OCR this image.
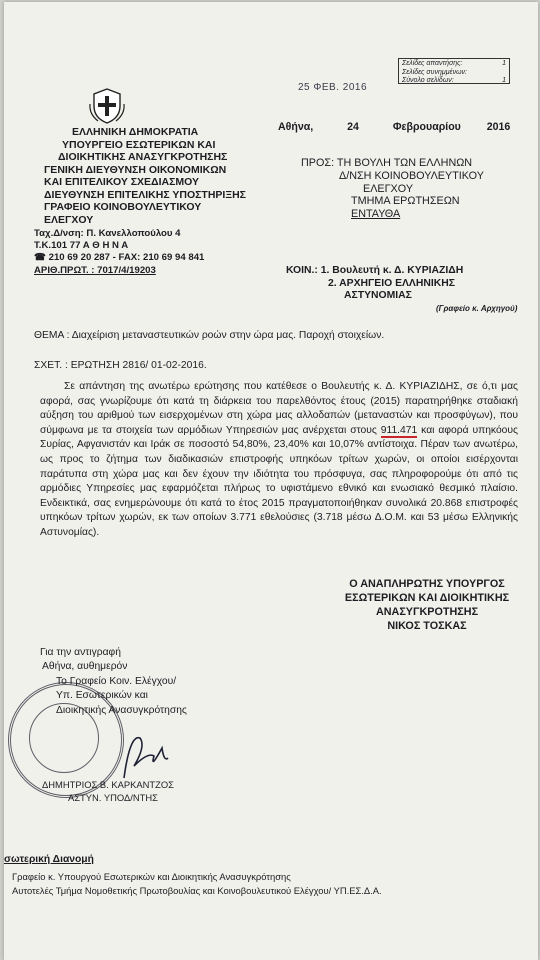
25 ΦΕΒ. 2016
Σελίδες απαντήσης:	1
Σελίδες συνημμένων:
Σύνολο σελίδων:	1
ΕΛΛΗΝΙΚΗ ΔΗΜΟΚΡΑΤΙΑ
ΥΠΟΥΡΓΕΙΟ ΕΣΩΤΕΡΙΚΩΝ ΚΑΙ
ΔΙΟΙΚΗΤΙΚΗΣ ΑΝΑΣΥΓΚΡΟΤΗΣΗΣ
ΓΕΝΙΚΗ ΔΙΕΥΘΥΝΣΗ ΟΙΚΟΝΟΜΙΚΩΝ
ΚΑΙ ΕΠΙΤΕΛΙΚΟΥ ΣΧΕΔΙΑΣΜΟΥ
ΔΙΕΥΘΥΝΣΗ ΕΠΙΤΕΛΙΚΗΣ ΥΠΟΣΤΗΡΙΞΗΣ
ΓΡΑΦΕΙΟ ΚΟΙΝΟΒΟΥΛΕΥΤΙΚΟΥ
ΕΛΕΓΧΟΥ
Ταχ.Δ/νση: Π. Κανελλοπούλου 4
Τ.Κ.101 77 Α Θ Η Ν Α
☎ 210 69 20 287 - FAX: 210 69 94 841
ΑΡΙΘ.ΠΡΩΤ. : 7017/4/19203
Αθήνα,	24	Φεβρουαρίου 2016
ΠΡΟΣ: ΤΗ ΒΟΥΛΗ ΤΩΝ ΕΛΛΗΝΩΝ
Δ/ΝΣΗ ΚΟΙΝΟΒΟΥΛΕΥΤΙΚΟΥ
ΕΛΕΓΧΟΥ
ΤΜΗΜΑ ΕΡΩΤΗΣΕΩΝ
ΕΝΤΑΥΘΑ
ΚΟΙΝ.: 1. Βουλευτή κ. Δ. ΚΥΡΙΑΖΙΔΗ
2. ΑΡΧΗΓΕΙΟ ΕΛΛΗΝΙΚΗΣ
ΑΣΤΥΝΟΜΙΑΣ
(Γραφείο κ. Αρχηγού)
ΘΕΜΑ : Διαχείριση μεταναστευτικών ροών στην ώρα μας. Παροχή στοιχείων.
ΣΧΕΤ. : ΕΡΩΤΗΣΗ 2816/ 01-02-2016.
Σε απάντηση της ανωτέρω ερώτησης που κατέθεσε ο Βουλευτής κ. Δ. ΚΥΡΙΑΖΙΔΗΣ, σε ό,τι μας αφορά, σας γνωρίζουμε ότι κατά τη διάρκεια του παρελθόντος έτους (2015) παρατηρήθηκε σταδιακή αύξηση του αριθμού των εισερχομένων στη χώρα μας αλλοδαπών (μεταναστών και προσφύγων), που σύμφωνα με τα στοιχεία των αρμόδιων Υπηρεσιών μας ανέρχεται στους 911.471 και αφορά υπηκόους Συρίας, Αφγανιστάν και Ιράκ σε ποσοστό 54,80%, 23,40% και 10,07% αντίστοιχα. Πέραν των ανωτέρω, ως προς το ζήτημα των διαδικασιών επιστροφής υπηκόων τρίτων χωρών, οι οποίοι εισέρχονται παράτυπα στη χώρα μας και δεν έχουν την ιδιότητα του πρόσφυγα, σας πληροφορούμε ότι από τις αρμόδιες Υπηρεσίες μας εφαρμόζεται πλήρως το υφιστάμενο εθνικό και ενωσιακό θεσμικό πλαίσιο. Ενδεικτικά, σας ενημερώνουμε ότι κατά το έτος 2015 πραγματοποιήθηκαν συνολικά 20.868 επιστροφές υπηκόων τρίτων χωρών, εκ των οποίων 3.771 εθελούσιες (3.718 μέσω Δ.Ο.Μ. και 53 μέσω Ελληνικής Αστυνομίας).
Ο ΑΝΑΠΛΗΡΩΤΗΣ ΥΠΟΥΡΓΟΣ
ΕΣΩΤΕΡΙΚΩΝ ΚΑΙ ΔΙΟΙΚΗΤΙΚΗΣ
ΑΝΑΣΥΓΚΡΟΤΗΣΗΣ
ΝΙΚΟΣ ΤΟΣΚΑΣ
Για την αντιγραφή
Αθήνα, αυθημερόν
Το Γραφείο Κοιν. Ελέγχου/
Υπ. Εσωτερικών και
Διοικητικής Ανασυγκρότησης
ΔΗΜΗΤΡΙΟΣ Β. ΚΑΡΚΑΝΤΖΟΣ
ΑΣΤΥΝ. ΥΠΟΔ/ΝΤΗΣ
σωτερική Διανομή
Γραφείο κ. Υπουργού Εσωτερικών και Διοικητικής Ανασυγκρότησης
Αυτοτελές Τμήμα Νομοθετικής Πρωτοβουλίας και Κοινοβουλευτικού Ελέγχου/ ΥΠ.ΕΣ.Δ.Α.
